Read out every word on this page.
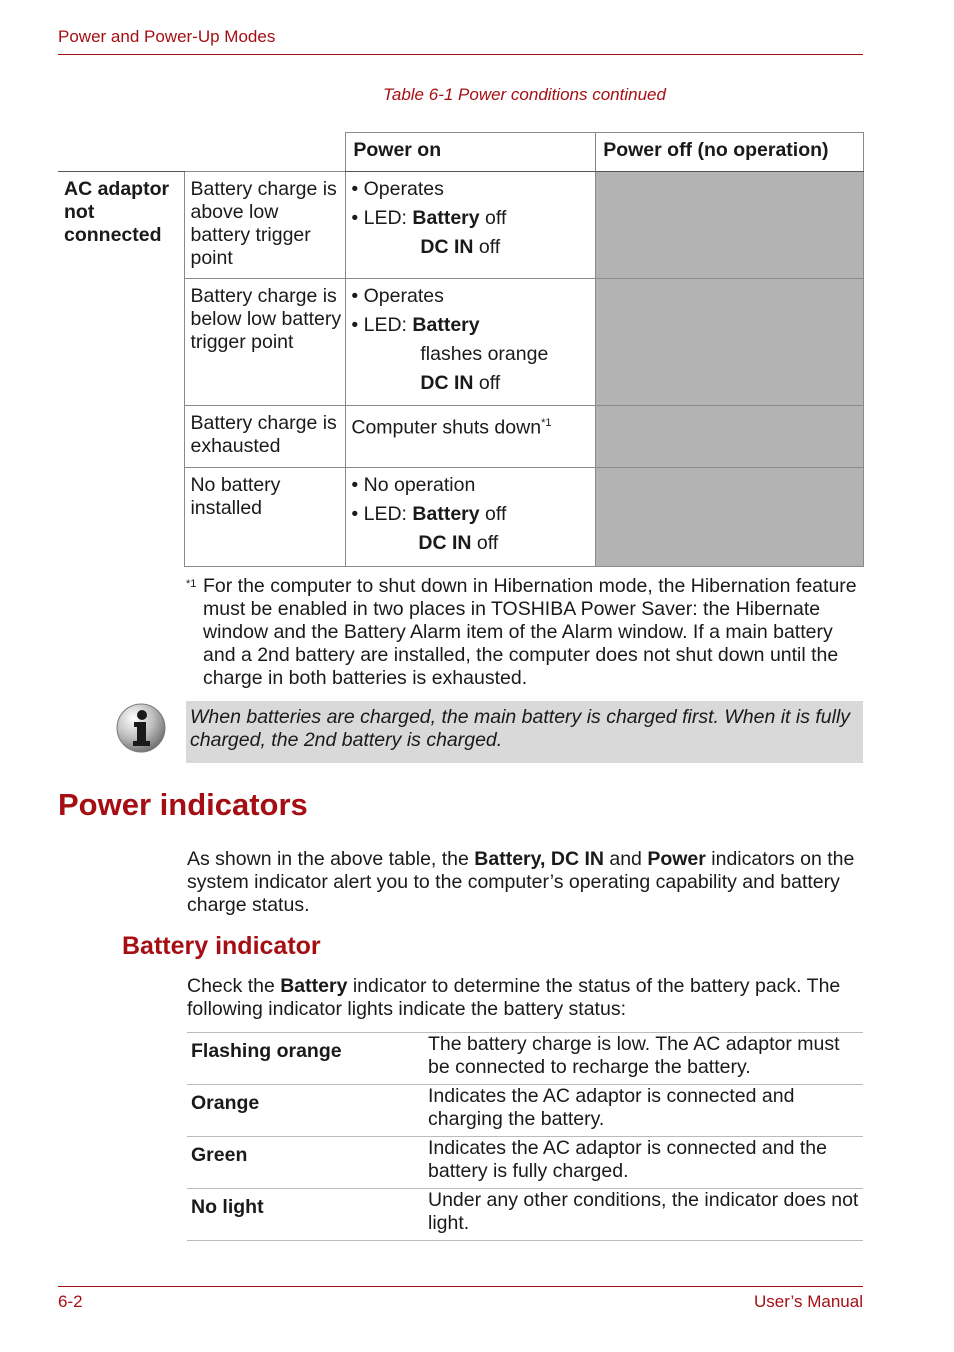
Power and Power-Up Modes
Table 6-1 Power conditions continued
		Power on	Power off (no operation)
AC adaptor not connected	Battery charge is above low battery trigger point	• Operates
• LED: Battery off
DC IN off	

	Battery charge is below low battery trigger point	• Operates
• LED: Battery
flashes orange
DC IN off	

	Battery charge is exhausted	Computer shuts down$^{*1}$	
	No battery installed	• No operation
• LED: Battery off
DC IN off	

$^{*1}$ For the computer to shut down in Hibernation mode, the Hibernation feature must be enabled in two places in TOSHIBA Power Saver: the Hibernate window and the Battery Alarm item of the Alarm window. If a main battery and a 2nd battery are installed, the computer does not shut down until the charge in both batteries is exhausted.
When batteries are charged, the main battery is charged first. When it is fully charged, the 2nd battery is charged.
Power indicators
As shown in the above table, the Battery, DC IN and Power indicators on the system indicator alert you to the computer’s operating capability and battery charge status.
Battery indicator
Check the Battery indicator to determine the status of the battery pack. The following indicator lights indicate the battery status:
Flashing orange	The battery charge is low. The AC adaptor must be connected to recharge the battery.
Orange	Indicates the AC adaptor is connected and charging the battery.
Green	Indicates the AC adaptor is connected and the battery is fully charged.
No light	Under any other conditions, the indicator does not light.
6-2	User’s Manual
